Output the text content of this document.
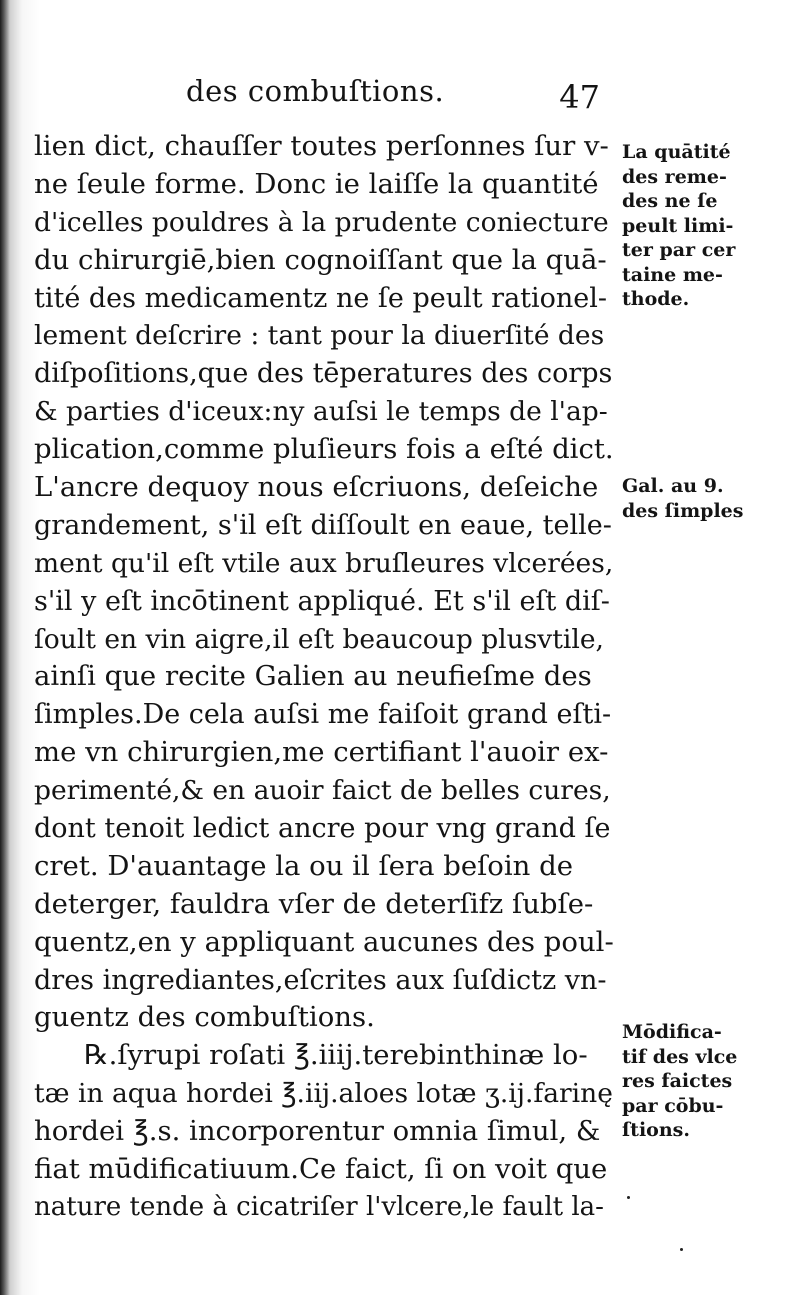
des combuſtions.	47
lien dict, chauſſer toutes perſonnes ſur v-
ne ſeule forme. Donc ie laiſſe la quantité
d'icelles pouldres à la prudente coniecture
du chirurgiē,bien cognoiſſant que la quā-
tité des medicamentz ne ſe peult rationel-
lement deſcrire : tant pour la diuerſité des
diſpoſitions,que des tēperatures des corps
& parties d'iceux:ny auſsi le temps de l'ap-
plication,comme pluſieurs fois a eſté dict.
L'ancre dequoy nous eſcriuons, deſeiche
grandement, s'il eſt diſſoult en eaue, telle-
ment qu'il eſt vtile aux bruſleures vlcerées,
s'il y eſt incōtinent appliqué. Et s'il eſt diſ-
ſoult en vin aigre,il eſt beaucoup plusvtile,
ainſi que recite Galien au neufieſme des
ſimples.De cela auſsi me faiſoit grand eſti-
me vn chirurgien,me certifiant l'auoir ex-
perimenté,& en auoir faict de belles cures,
dont tenoit ledict ancre pour vng grand ſe
cret. D'auantage la ou il ſera beſoin de
deterger, fauldra vſer de deterſifz ſubſe-
quentz,en y appliquant aucunes des poul-
dres ingrediantes,eſcrites aux ſuſdictz vn-
guentz des combuſtions.
℞.ſyrupi roſati ℥.iiij.terebinthinæ lo-
tæ in aqua hordei ℥.iij.aloes lotæ ʒ.ij.farinę
hordei ℥.s. incorporentur omnia ſimul, &
fiat mūdificatiuum.Ce faict, ſi on voit que
nature tende à cicatriſer l'vlcere,le fault la-
La quātité
des reme-
des ne ſe
peult limi-
ter par cer
taine me-
thode.
Gal. au 9.
des ſimples
Mōdifica-
tif des vlce
res faictes
par cōbu-
ſtions.
